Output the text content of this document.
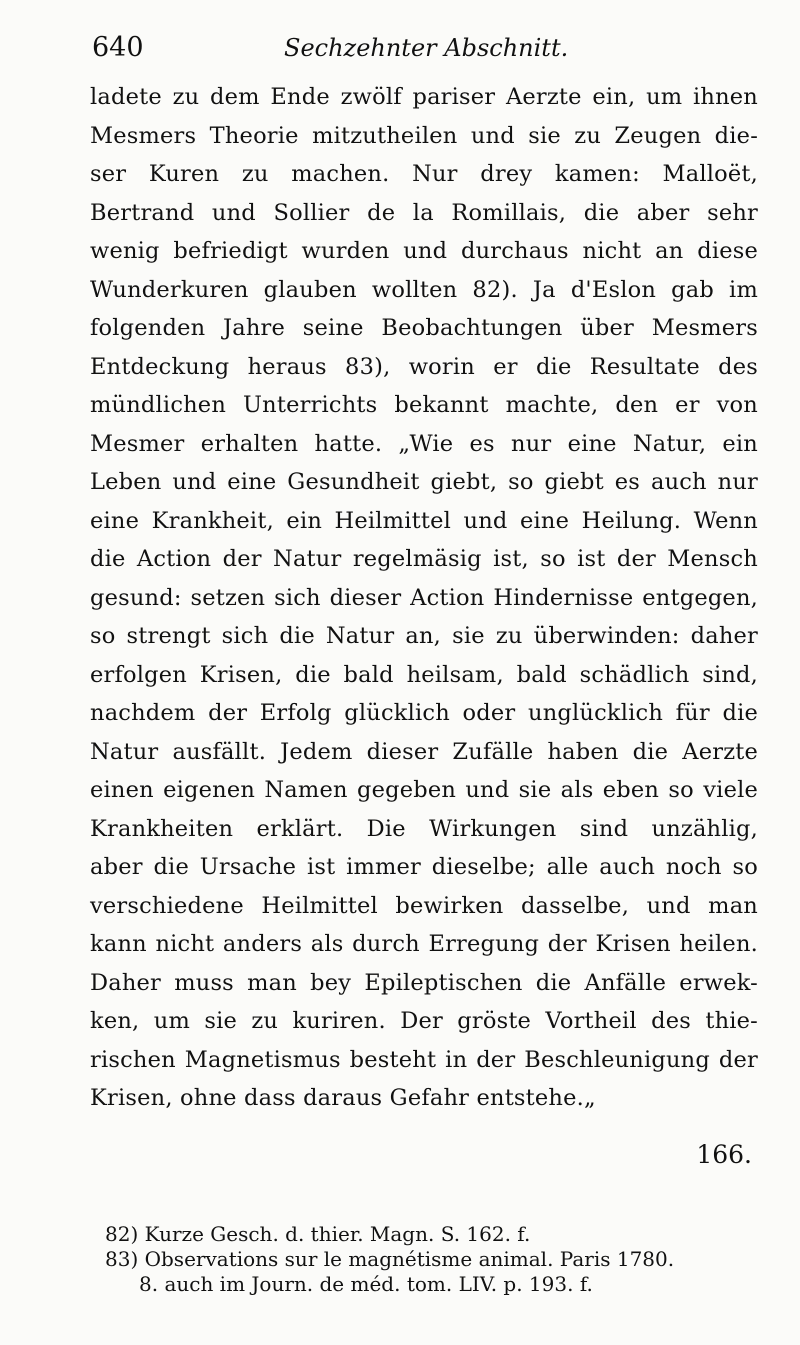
640	Sechzehnter Abschnitt.
ladete zu dem Ende zwölf pariser Aerzte ein, um ihnen
Mesmers Theorie mitzutheilen und sie zu Zeugen die-
ser Kuren zu machen. Nur drey kamen: Malloët,
Bertrand und Sollier de la Romillais, die aber sehr
wenig befriedigt wurden und durchaus nicht an diese
Wunderkuren glauben wollten 82). Ja d'Eslon gab im
folgenden Jahre seine Beobachtungen über Mesmers
Entdeckung heraus 83), worin er die Resultate des
mündlichen Unterrichts bekannt machte, den er von
Mesmer erhalten hatte. „Wie es nur eine Natur, ein
Leben und eine Gesundheit giebt, so giebt es auch nur
eine Krankheit, ein Heilmittel und eine Heilung. Wenn
die Action der Natur regelmäsig ist, so ist der Mensch
gesund: setzen sich dieser Action Hindernisse entgegen,
so strengt sich die Natur an, sie zu überwinden: daher
erfolgen Krisen, die bald heilsam, bald schädlich sind,
nachdem der Erfolg glücklich oder unglücklich für die
Natur ausfällt. Jedem dieser Zufälle haben die Aerzte
einen eigenen Namen gegeben und sie als eben so viele
Krankheiten erklärt. Die Wirkungen sind unzählig,
aber die Ursache ist immer dieselbe; alle auch noch so
verschiedene Heilmittel bewirken dasselbe, und man
kann nicht anders als durch Erregung der Krisen heilen.
Daher muss man bey Epileptischen die Anfälle erwek-
ken, um sie zu kuriren. Der gröste Vortheil des thie-
rischen Magnetismus besteht in der Beschleunigung der
Krisen, ohne dass daraus Gefahr entstehe.„
166.
82) Kurze Gesch. d. thier. Magn. S. 162. f.
83) Observations sur le magnétisme animal. Paris 1780.
8. auch im Journ. de méd. tom. LIV. p. 193. f.
